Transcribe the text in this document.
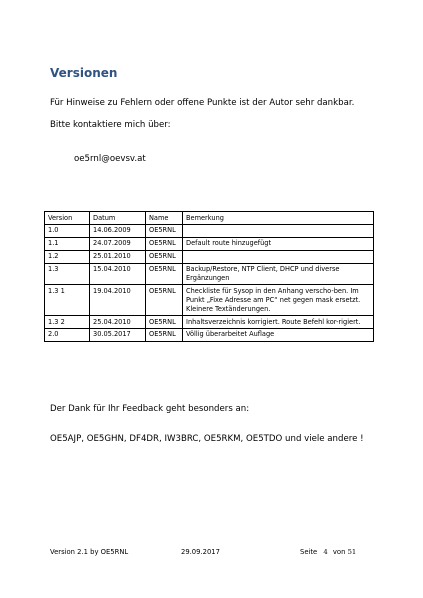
Versionen
Für Hinweise zu Fehlern oder offene Punkte ist der Autor sehr dankbar.
Bitte kontaktiere mich über:
oe5rnl@oevsv.at
Version	Datum	Name	Bemerkung
1.0	14.06.2009	OE5RNL	
1.1	24.07.2009	OE5RNL	Default route hinzugefügt
1.2	25.01.2010	OE5RNL	
1.3	15.04.2010	OE5RNL	Backup/Restore, NTP Client, DHCP und diverse Ergänzungen
1.3 1	19.04.2010	OE5RNL	Checkliste für Sysop in den Anhang verscho-ben. Im Punkt „Fixe Adresse am PC“ net gegen mask ersetzt. Kleinere Textänderungen.
1.3 2	25.04.2010	OE5RNL	Inhaltsverzeichnis korrigiert. Route Befehl kor-rigiert.
2.0	30.05.2017	OE5RNL	Völlig überarbeitet Auflage
Der Dank für Ihr Feedback geht besonders an:
OE5AJP, OE5GHN, DF4DR, IW3BRC, OE5RKM, OE5TDO und viele andere !
Version 2.1 by OE5RNL	29.09.2017	Seite 4 von 51
